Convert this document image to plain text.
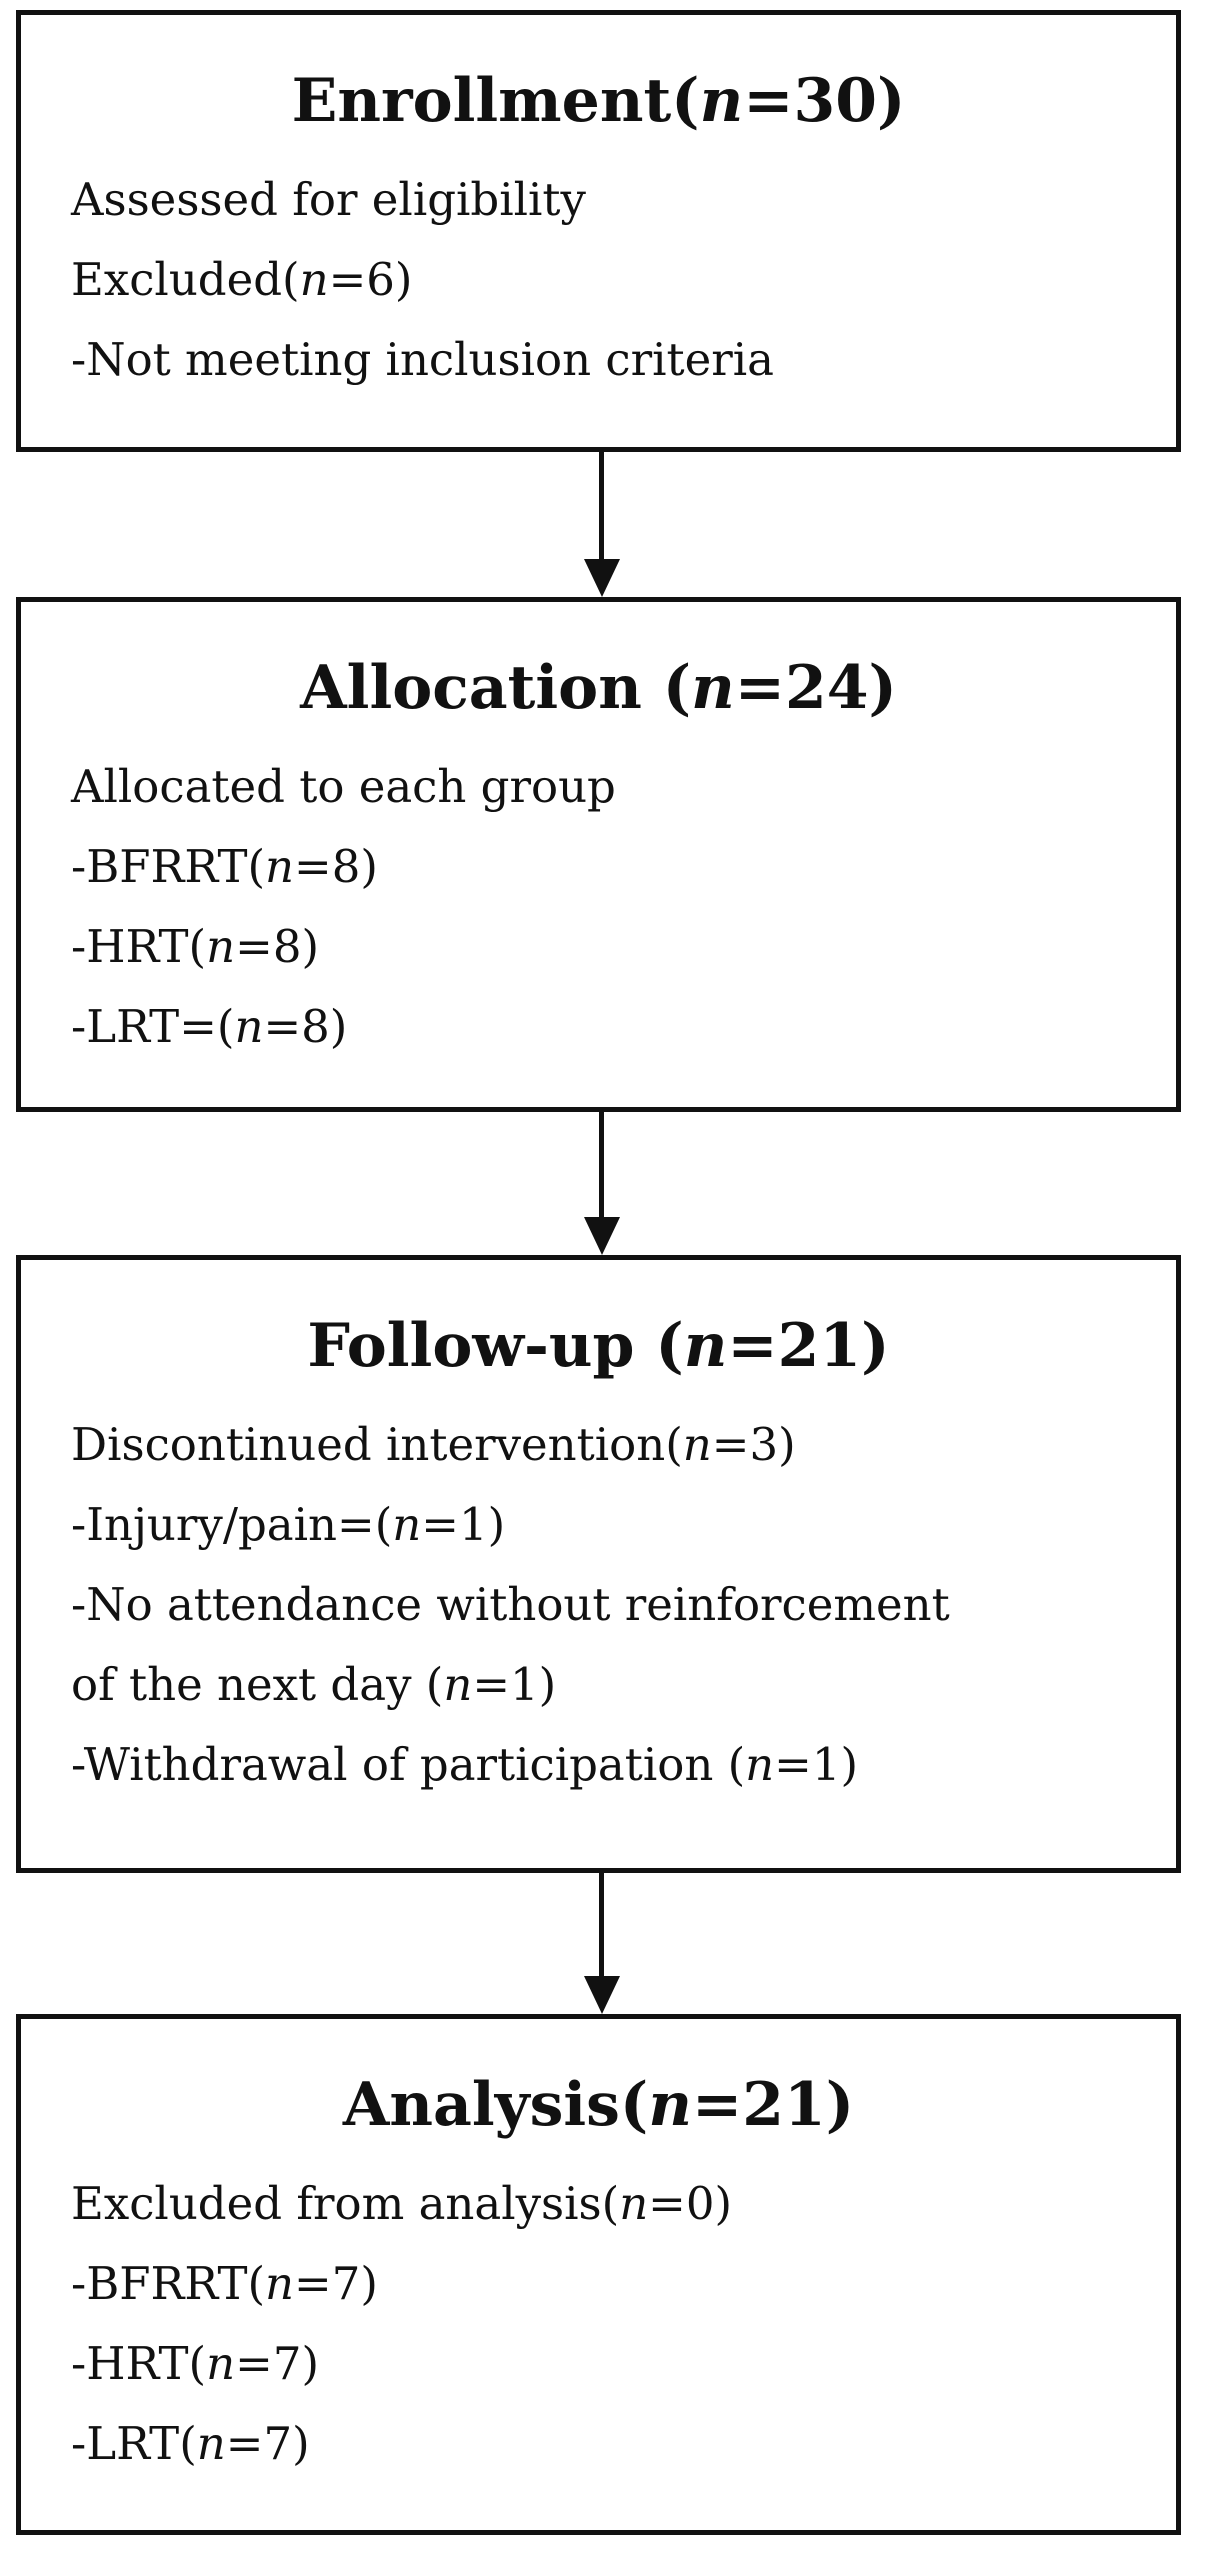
Enrollment(n=30)
Assessed for eligibility
Excluded(n=6)
-Not meeting inclusion criteria
Allocation (n=24)
Allocated to each group
-BFRRT(n=8)
-HRT(n=8)
-LRT=(n=8)
Follow-up (n=21)
Discontinued intervention(n=3)
-Injury/pain=(n=1)
-No attendance without reinforcement
of the next day (n=1)
-Withdrawal of participation (n=1)
Analysis(n=21)
Excluded from analysis(n=0)
-BFRRT(n=7)
-HRT(n=7)
-LRT(n=7)
